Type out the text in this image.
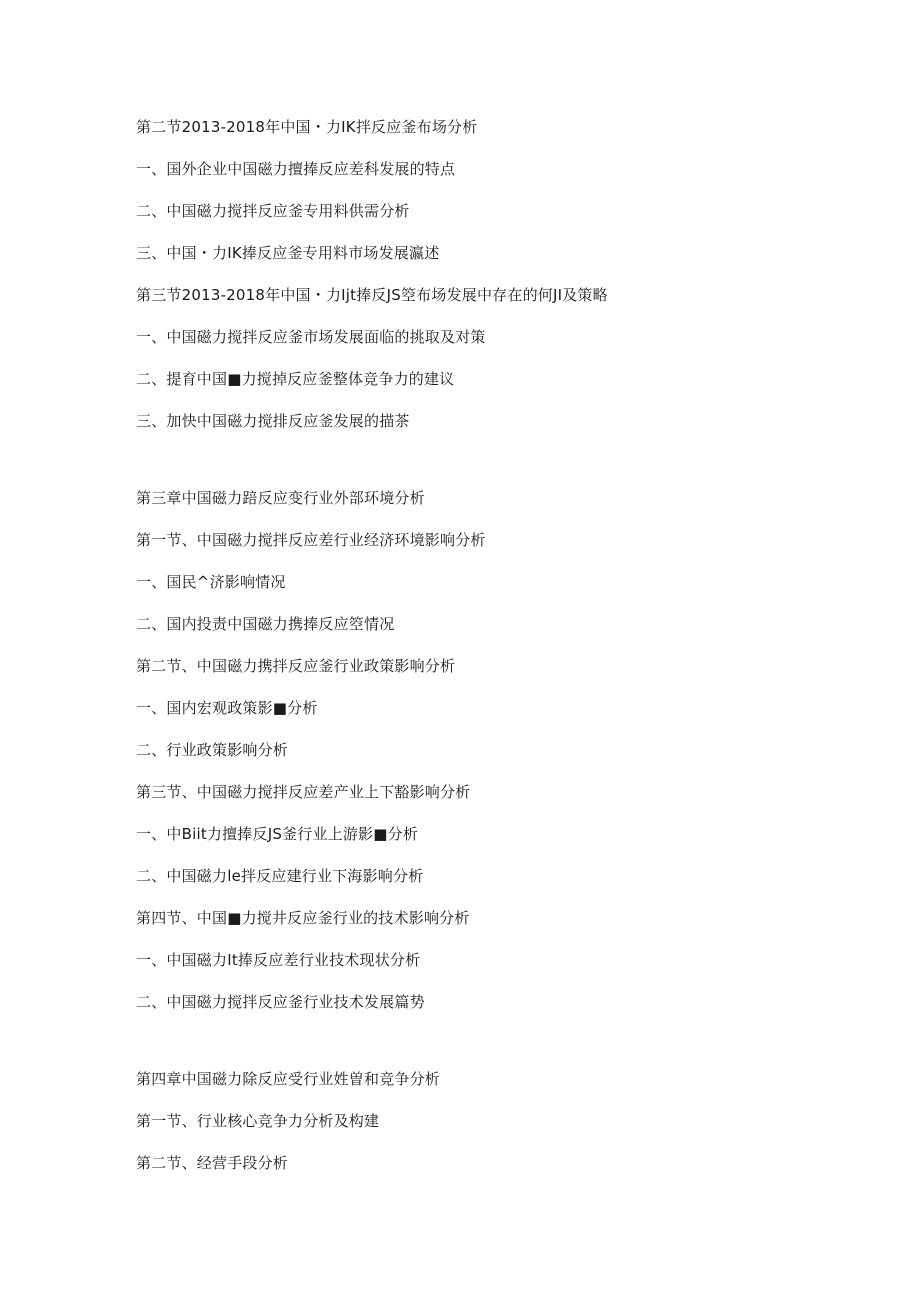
第二节2013-2018年中国・力IK拌反应釜布场分析
一、国外企业中国磁力擅捧反应差科发展的特点
二、中国磁力搅拌反应釜专用料供需分析
三、中国・力IK捧反应釜专用料市场发展瀛述
第三节2013-2018年中国・力Ijt捧反JS箜布场发展中存在的何JI及策略
一、中国磁力搅拌反应釜市场发展面临的挑取及对策
二、提育中国■力搅掉反应釜整体竞争力的建议
三、加快中国磁力搅排反应釜发展的描茶
第三章中国磁力踣反应变行业外部环境分析
第一节、中国磁力搅拌反应差行业经济环境影响分析
一、国民^济影响情况
二、国内投责中国磁力携捧反应箜情况
第二节、中国磁力携拌反应釜行业政策影响分析
一、国内宏观政策影■分析
二、行业政策影响分析
第三节、中国磁力搅拌反应差产业上下豁影响分析
一、中Biit力擅捧反JS釜行业上游影■分析
二、中国磁力le拌反应建行业下海影响分析
第四节、中国■力搅井反应釜行业的技术影响分析
一、中国磁力It捧反应差行业技术现状分析
二、中国磁力搅拌反应釜行业技术发展篇势
第四章中国磁力除反应受行业姓曽和竞争分析
第一节、行业核心竞争力分析及构建
第二节、经营手段分析
